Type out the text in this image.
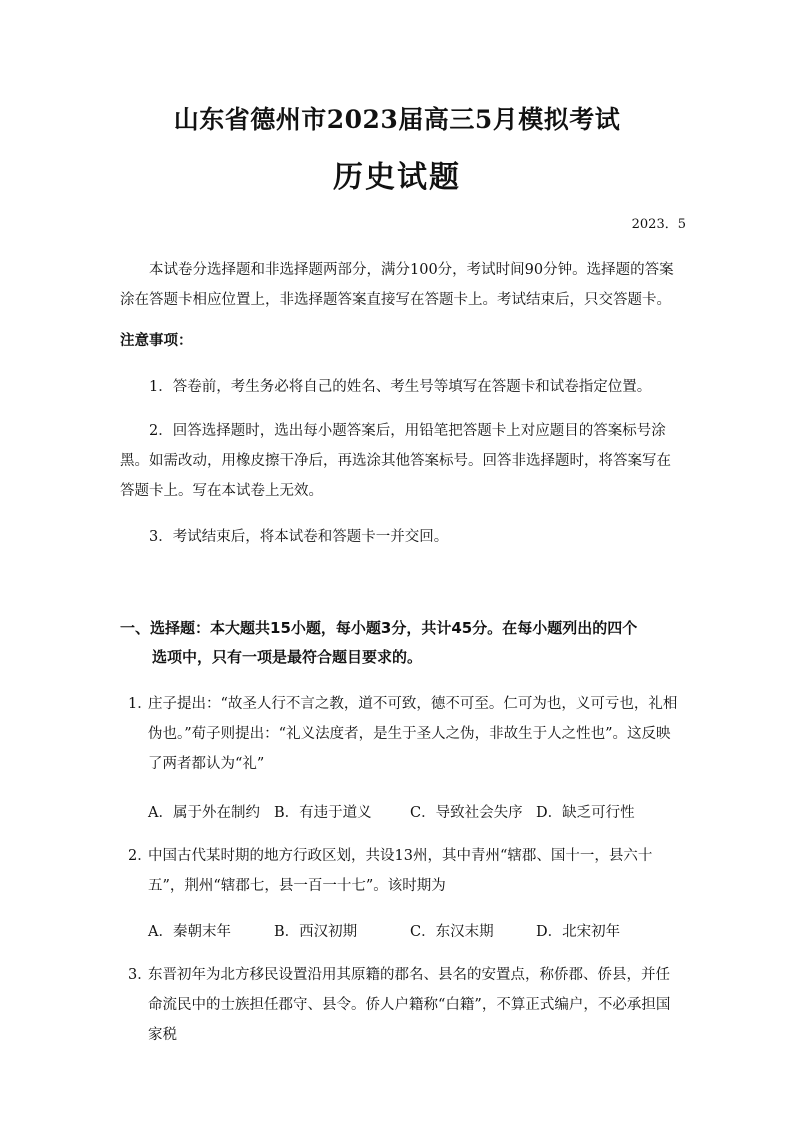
山东省德州市2023届高三5月模拟考试
历史试题
2023．5
本试卷分选择题和非选择题两部分，满分100分，考试时间90分钟。选择题的答案涂在答题卡相应位置上，非选择题答案直接写在答题卡上。考试结束后，只交答题卡。
注意事项：
1．答卷前，考生务必将自己的姓名、考生号等填写在答题卡和试卷指定位置。
2．回答选择题时，选出每小题答案后，用铅笔把答题卡上对应题目的答案标号涂黑。如需改动，用橡皮擦干净后，再选涂其他答案标号。回答非选择题时，将答案写在答题卡上。写在本试卷上无效。
3．考试结束后，将本试卷和答题卡一并交回。
一、选择题：本大题共15小题，每小题3分，共计45分。在每小题列出的四个
选项中，只有一项是最符合题目要求的。
1．
庄子提出：“故圣人行不言之教，道不可致，德不可至。仁可为也，义可亏也，礼相伪也。”荀子则提出：“礼义法度者，是生于圣人之伪，非故生于人之性也”。这反映了两者都认为“礼”
A．属于外在制约 B．有违于道义	C．导致社会失序 D．缺乏可行性
2．
中国古代某时期的地方行政区划，共设13州，其中青州“辖郡、国十一，县六十五”，荆州“辖郡七，县一百一十七”。该时期为
A．秦朝末年	B．西汉初期	C．东汉末期	D．北宋初年
3．
东晋初年为北方移民设置沿用其原籍的郡名、县名的安置点，称侨郡、侨县，并任命流民中的士族担任郡守、县令。侨人户籍称“白籍”，不算正式编户，不必承担国家税
